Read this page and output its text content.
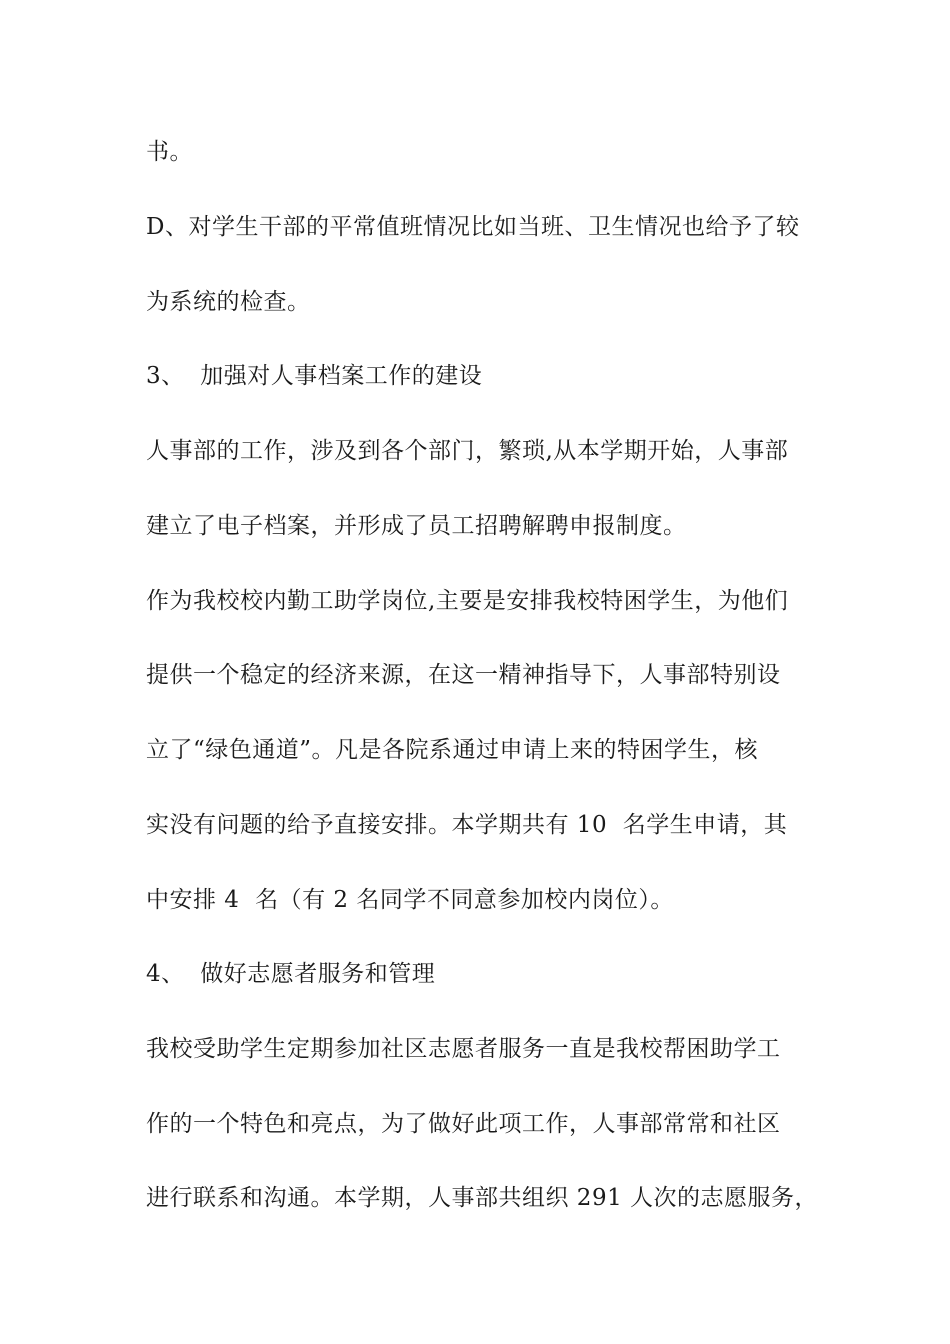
书。
D、对学生干部的平常值班情况比如当班、卫生情况也给予了较
为系统的检查。
3、  加强对人事档案工作的建设
人事部的工作，涉及到各个部门，繁琐,从本学期开始，人事部
建立了电子档案，并形成了员工招聘解聘申报制度。
作为我校校内勤工助学岗位,主要是安排我校特困学生，为他们
提供一个稳定的经济来源，在这一精神指导下，人事部特别设
立了“绿色通道”。凡是各院系通过申请上来的特困学生，核
实没有问题的给予直接安排。本学期共有 10  名学生申请，其
中安排 4  名（有 2 名同学不同意参加校内岗位）。
4、  做好志愿者服务和管理
我校受助学生定期参加社区志愿者服务一直是我校帮困助学工
作的一个特色和亮点，为了做好此项工作，人事部常常和社区
进行联系和沟通。本学期，人事部共组织 291 人次的志愿服务，
